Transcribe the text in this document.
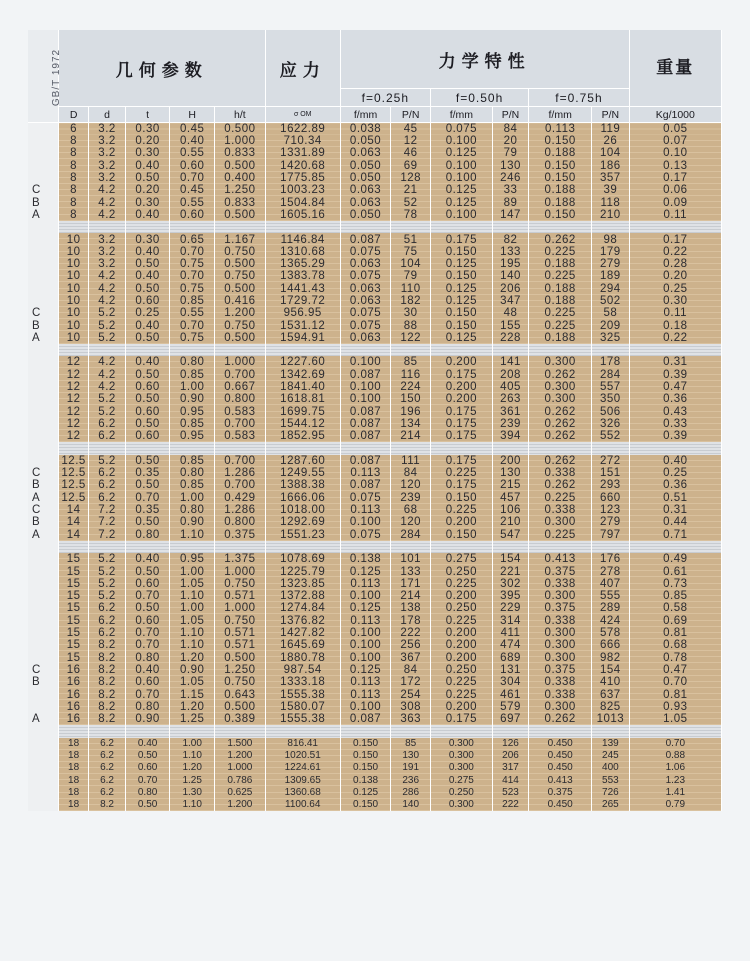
GB/T 1972	几何参数					应力	力学特性						重量
							f=0.25h		f=0.50h		f=0.75h		
	D	d	t	H	h/t	σ OM	f/mm	P/N	f/mm	P/N	f/mm	P/N	Kg/1000
	6	3.2	0.30	0.45	0.500	1622.89	0.038	45	0.075	84	0.113	119	0.05
	8	3.2	0.20	0.40	1.000	710.34	0.050	12	0.100	20	0.150	26	0.07
	8	3.2	0.30	0.55	0.833	1331.89	0.063	46	0.125	79	0.188	104	0.10
	8	3.2	0.40	0.60	0.500	1420.68	0.050	69	0.100	130	0.150	186	0.13
	8	3.2	0.50	0.70	0.400	1775.85	0.050	128	0.100	246	0.150	357	0.17
C	8	4.2	0.20	0.45	1.250	1003.23	0.063	21	0.125	33	0.188	39	0.06
B	8	4.2	0.30	0.55	0.833	1504.84	0.063	52	0.125	89	0.188	118	0.09
A	8	4.2	0.40	0.60	0.500	1605.16	0.050	78	0.100	147	0.150	210	0.11

	10	3.2	0.30	0.65	1.167	1146.84	0.087	51	0.175	82	0.262	98	0.17
	10	3.2	0.40	0.70	0.750	1310.68	0.075	75	0.150	133	0.225	179	0.22
	10	3.2	0.50	0.75	0.500	1365.29	0.063	104	0.125	195	0.188	279	0.28
	10	4.2	0.40	0.70	0.750	1383.78	0.075	79	0.150	140	0.225	189	0.20
	10	4.2	0.50	0.75	0.500	1441.43	0.063	110	0.125	206	0.188	294	0.25
	10	4.2	0.60	0.85	0.416	1729.72	0.063	182	0.125	347	0.188	502	0.30
C	10	5.2	0.25	0.55	1.200	956.95	0.075	30	0.150	48	0.225	58	0.11
B	10	5.2	0.40	0.70	0.750	1531.12	0.075	88	0.150	155	0.225	209	0.18
A	10	5.2	0.50	0.75	0.500	1594.91	0.063	122	0.125	228	0.188	325	0.22

	12	4.2	0.40	0.80	1.000	1227.60	0.100	85	0.200	141	0.300	178	0.31
	12	4.2	0.50	0.85	0.700	1342.69	0.087	116	0.175	208	0.262	284	0.39
	12	4.2	0.60	1.00	0.667	1841.40	0.100	224	0.200	405	0.300	557	0.47
	12	5.2	0.50	0.90	0.800	1618.81	0.100	150	0.200	263	0.300	350	0.36
	12	5.2	0.60	0.95	0.583	1699.75	0.087	196	0.175	361	0.262	506	0.43
	12	6.2	0.50	0.85	0.700	1544.12	0.087	134	0.175	239	0.262	326	0.33
	12	6.2	0.60	0.95	0.583	1852.95	0.087	214	0.175	394	0.262	552	0.39

	12.5	5.2	0.50	0.85	0.700	1287.60	0.087	111	0.175	200	0.262	272	0.40
C	12.5	6.2	0.35	0.80	1.286	1249.55	0.113	84	0.225	130	0.338	151	0.25
B	12.5	6.2	0.50	0.85	0.700	1388.38	0.087	120	0.175	215	0.262	293	0.36
A	12.5	6.2	0.70	1.00	0.429	1666.06	0.075	239	0.150	457	0.225	660	0.51
C	14	7.2	0.35	0.80	1.286	1018.00	0.113	68	0.225	106	0.338	123	0.31
B	14	7.2	0.50	0.90	0.800	1292.69	0.100	120	0.200	210	0.300	279	0.44
A	14	7.2	0.80	1.10	0.375	1551.23	0.075	284	0.150	547	0.225	797	0.71

	15	5.2	0.40	0.95	1.375	1078.69	0.138	101	0.275	154	0.413	176	0.49
	15	5.2	0.50	1.00	1.000	1225.79	0.125	133	0.250	221	0.375	278	0.61
	15	5.2	0.60	1.05	0.750	1323.85	0.113	171	0.225	302	0.338	407	0.73
	15	5.2	0.70	1.10	0.571	1372.88	0.100	214	0.200	395	0.300	555	0.85
	15	6.2	0.50	1.00	1.000	1274.84	0.125	138	0.250	229	0.375	289	0.58
	15	6.2	0.60	1.05	0.750	1376.82	0.113	178	0.225	314	0.338	424	0.69
	15	6.2	0.70	1.10	0.571	1427.82	0.100	222	0.200	411	0.300	578	0.81
	15	8.2	0.70	1.10	0.571	1645.69	0.100	256	0.200	474	0.300	666	0.68
	15	8.2	0.80	1.20	0.500	1880.78	0.100	367	0.200	689	0.300	982	0.78
C	16	8.2	0.40	0.90	1.250	987.54	0.125	84	0.250	131	0.375	154	0.47
B	16	8.2	0.60	1.05	0.750	1333.18	0.113	172	0.225	304	0.338	410	0.70
	16	8.2	0.70	1.15	0.643	1555.38	0.113	254	0.225	461	0.338	637	0.81
	16	8.2	0.80	1.20	0.500	1580.07	0.100	308	0.200	579	0.300	825	0.93
A	16	8.2	0.90	1.25	0.389	1555.38	0.087	363	0.175	697	0.262	1013	1.05

	18	6.2	0.40	1.00	1.500	816.41	0.150	85	0.300	126	0.450	139	0.70
	18	6.2	0.50	1.10	1.200	1020.51	0.150	130	0.300	206	0.450	245	0.88
	18	6.2	0.60	1.20	1.000	1224.61	0.150	191	0.300	317	0.450	400	1.06
	18	6.2	0.70	1.25	0.786	1309.65	0.138	236	0.275	414	0.413	553	1.23
	18	6.2	0.80	1.30	0.625	1360.68	0.125	286	0.250	523	0.375	726	1.41
	18	8.2	0.50	1.10	1.200	1100.64	0.150	140	0.300	222	0.450	265	0.79
